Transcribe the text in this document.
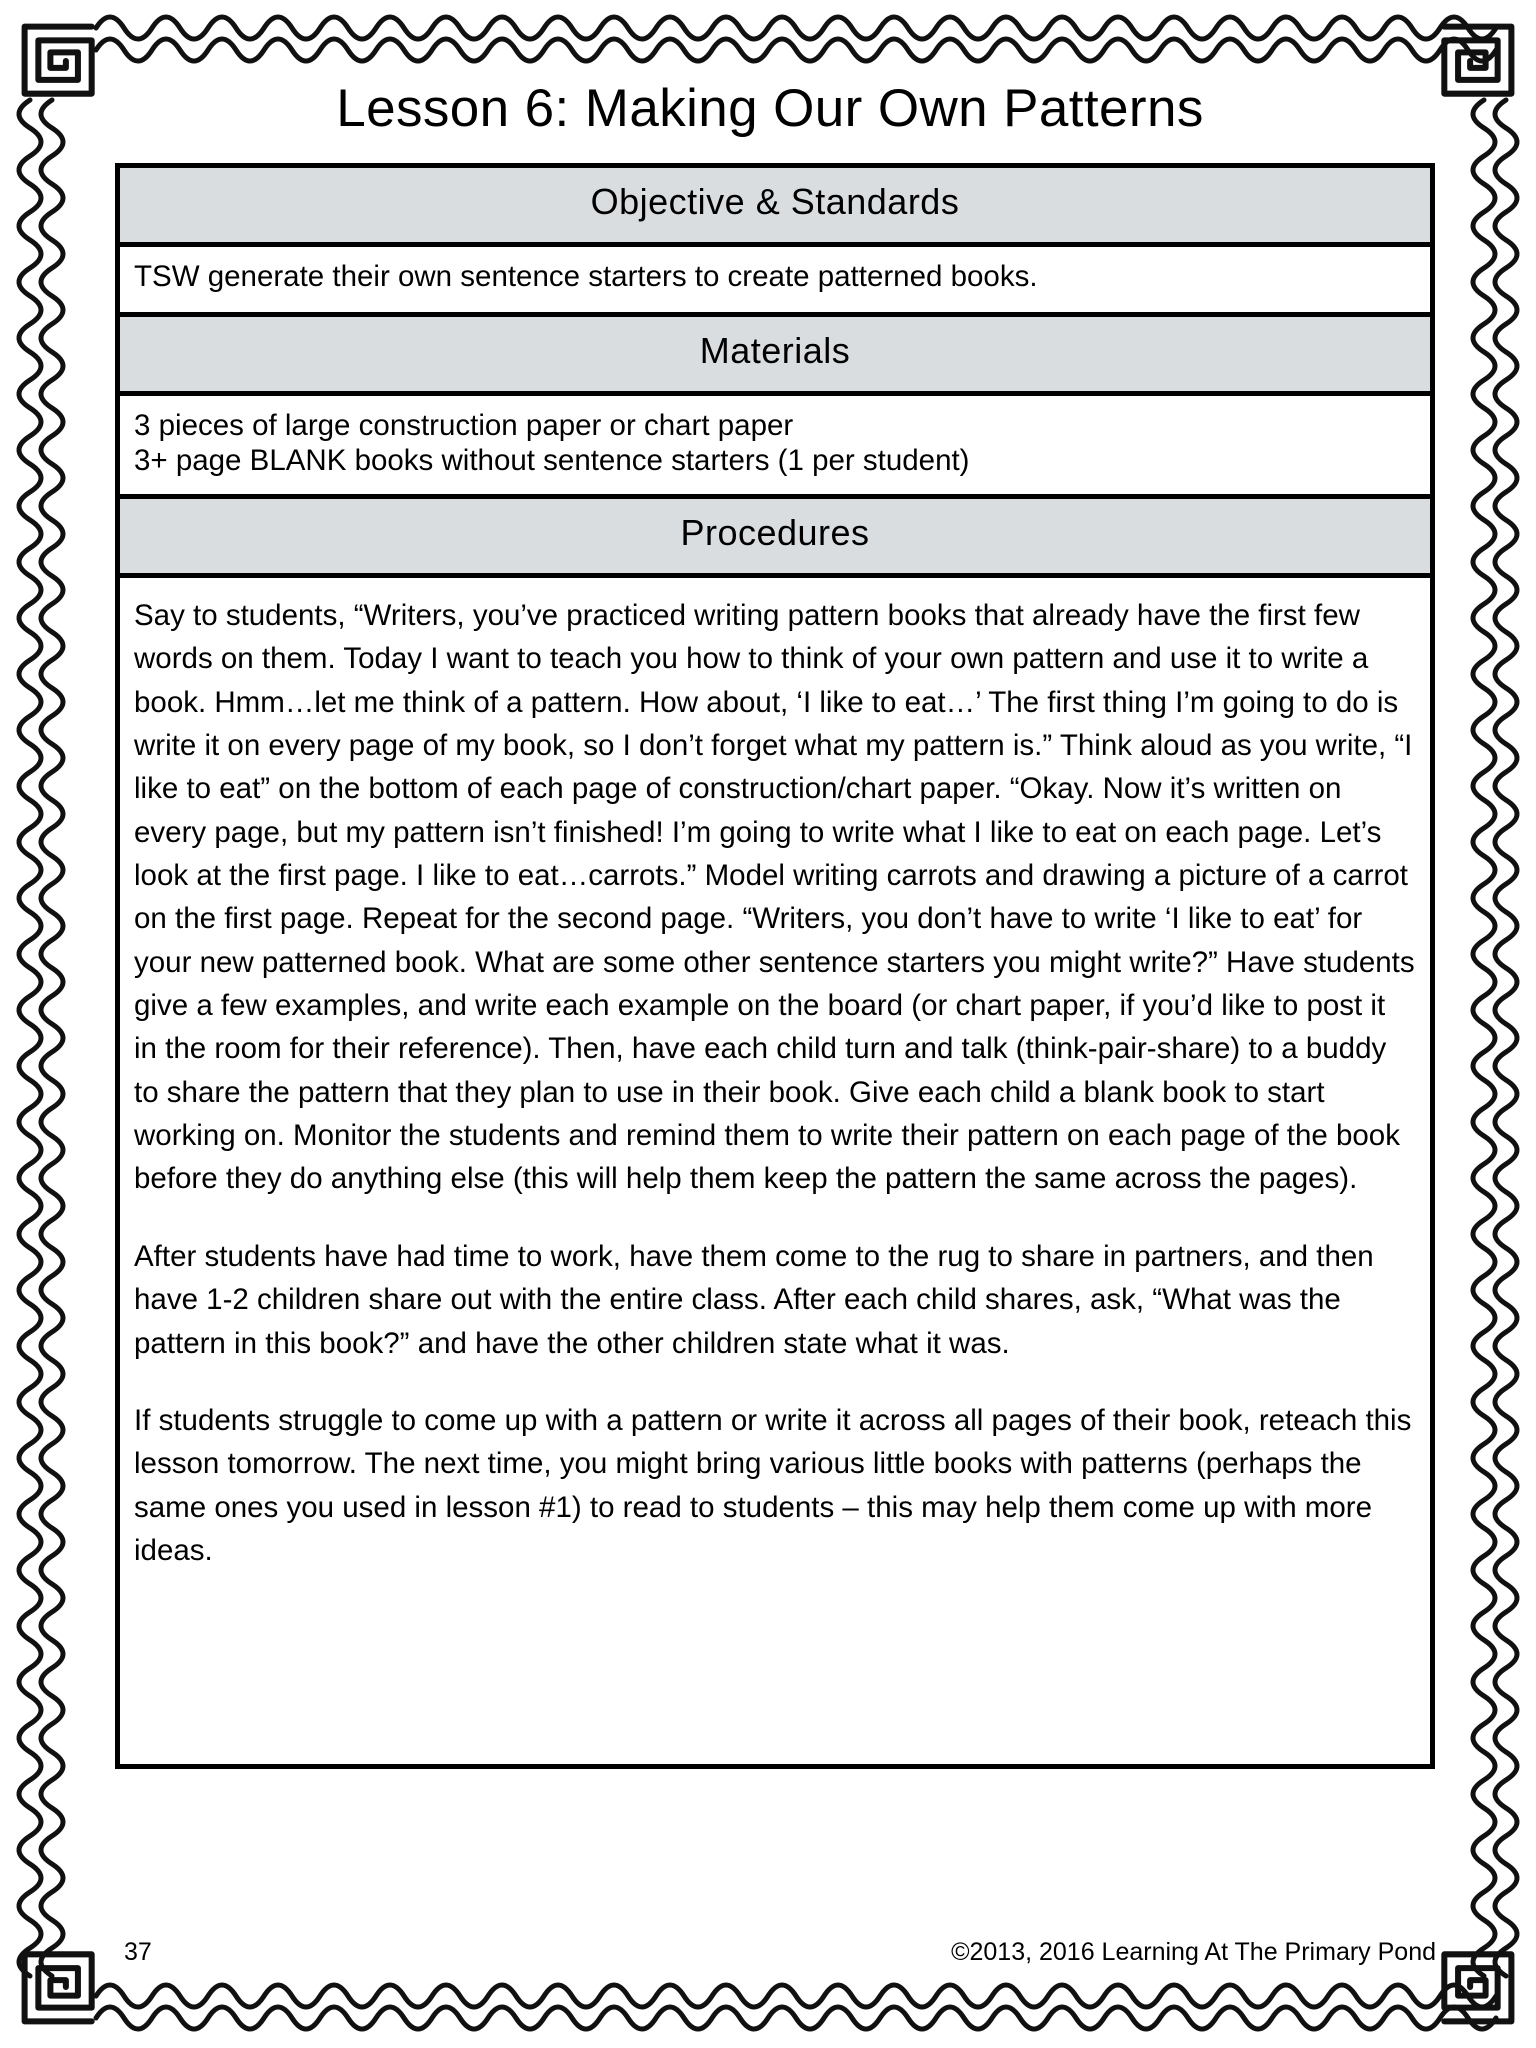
Lesson 6: Making Our Own Patterns
Objective & Standards
TSW generate their own sentence starters to create patterned books.
Materials
3 pieces of large construction paper or chart paper
3+ page BLANK books without sentence starters (1 per student)
Procedures

Say to students, “Writers, you’ve practiced writing pattern books that already have the first few words on them. Today I want to teach you how to think of your own pattern and use it to write a book. Hmm…let me think of a pattern. How about, ‘I like to eat…’ The first thing I’m going to do is write it on every page of my book, so I don’t forget what my pattern is.” Think aloud as you write, “I like to eat” on the bottom of each page of construction/chart paper. “Okay. Now it’s written on every page, but my pattern isn’t finished! I’m going to write what I like to eat on each page. Let’s look at the first page. I like to eat…carrots.” Model writing carrots and drawing a picture of a carrot on the first page. Repeat for the second page. “Writers, you don’t have to write ‘I like to eat’ for your new patterned book. What are some other sentence starters you might write?” Have students give a few examples, and write each example on the board (or chart paper, if you’d like to post it in the room for their reference). Then, have each child turn and talk (think-pair-share) to a buddy to share the pattern that they plan to use in their book. Give each child a blank book to start working on. Monitor the students and remind them to write their pattern on each page of the book before they do anything else (this will help them keep the pattern the same across the pages).

After students have had time to work, have them come to the rug to share in partners, and then have 1-2 children share out with the entire class. After each child shares, ask, “What was the pattern in this book?” and have the other children state what it was.

If students struggle to come up with a pattern or write it across all pages of their book, reteach this lesson tomorrow. The next time, you might bring various little books with patterns (perhaps the same ones you used in lesson #1) to read to students – this may help them come up with more ideas.

37	©2013, 2016 Learning At The Primary Pond
